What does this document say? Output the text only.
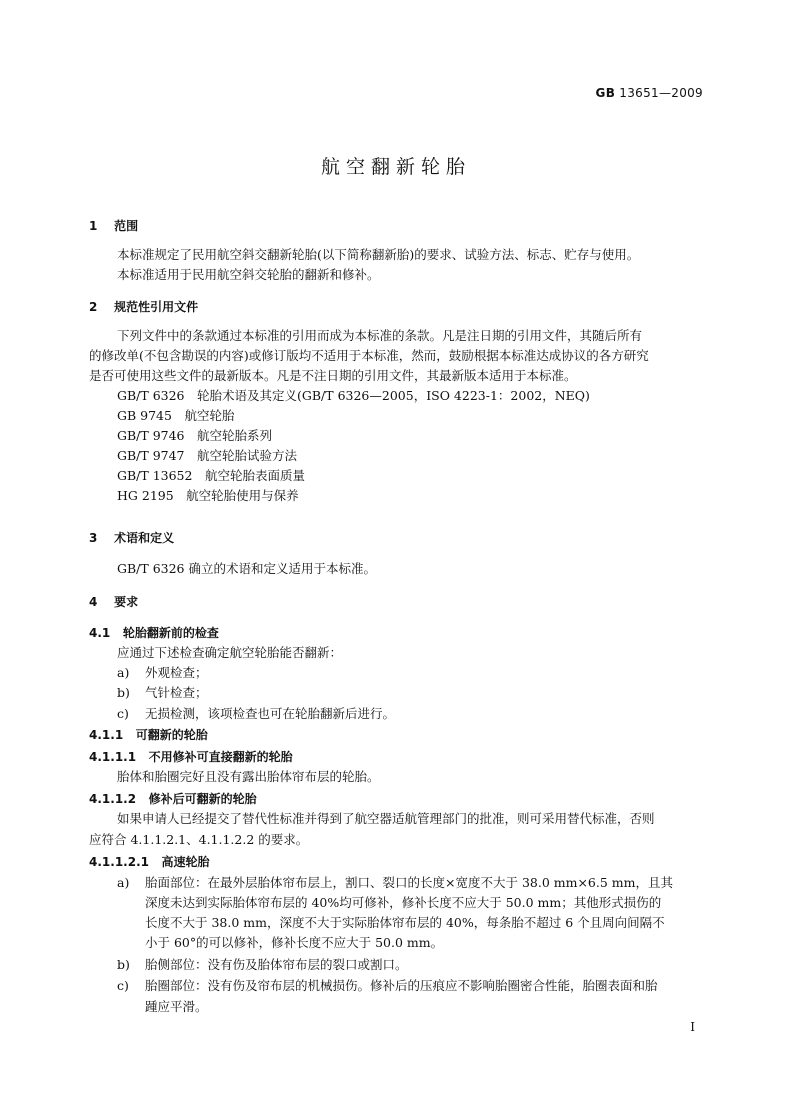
GB 13651—2009
航空翻新轮胎
1 范围
本标准规定了民用航空斜交翻新轮胎(以下简称翻新胎)的要求、试验方法、标志、贮存与使用。
本标准适用于民用航空斜交轮胎的翻新和修补。
2 规范性引用文件
下列文件中的条款通过本标准的引用而成为本标准的条款。凡是注日期的引用文件，其随后所有
的修改单(不包含勘误的内容)或修订版均不适用于本标准，然而，鼓励根据本标准达成协议的各方研究
是否可使用这些文件的最新版本。凡是不注日期的引用文件，其最新版本适用于本标准。
GB/T 6326　轮胎术语及其定义(GB/T 6326—2005，ISO 4223-1：2002，NEQ)
GB 9745　航空轮胎
GB/T 9746　航空轮胎系列
GB/T 9747　航空轮胎试验方法
GB/T 13652　航空轮胎表面质量
HG 2195　航空轮胎使用与保养
3 术语和定义
GB/T 6326 确立的术语和定义适用于本标准。
4 要求
4.1 轮胎翻新前的检查
应通过下述检查确定航空轮胎能否翻新：
a) 外观检查；
b) 气针检查；
c) 无损检测，该项检查也可在轮胎翻新后进行。
4.1.1 可翻新的轮胎
4.1.1.1 不用修补可直接翻新的轮胎
胎体和胎圈完好且没有露出胎体帘布层的轮胎。
4.1.1.2 修补后可翻新的轮胎
如果申请人已经提交了替代性标准并得到了航空器适航管理部门的批准，则可采用替代标准，否则
应符合 4.1.1.2.1、4.1.1.2.2 的要求。
4.1.1.2.1 高速轮胎
a) 胎面部位：在最外层胎体帘布层上，割口、裂口的长度×宽度不大于 38.0 mm×6.5 mm，且其
深度未达到实际胎体帘布层的 40%均可修补，修补长度不应大于 50.0 mm；其他形式损伤的
长度不大于 38.0 mm，深度不大于实际胎体帘布层的 40%，每条胎不超过 6 个且周向间隔不
小于 60°的可以修补，修补长度不应大于 50.0 mm。
b) 胎侧部位：没有伤及胎体帘布层的裂口或割口。
c) 胎圈部位：没有伤及帘布层的机械损伤。修补后的压痕应不影响胎圈密合性能，胎圈表面和胎
踵应平滑。
I
